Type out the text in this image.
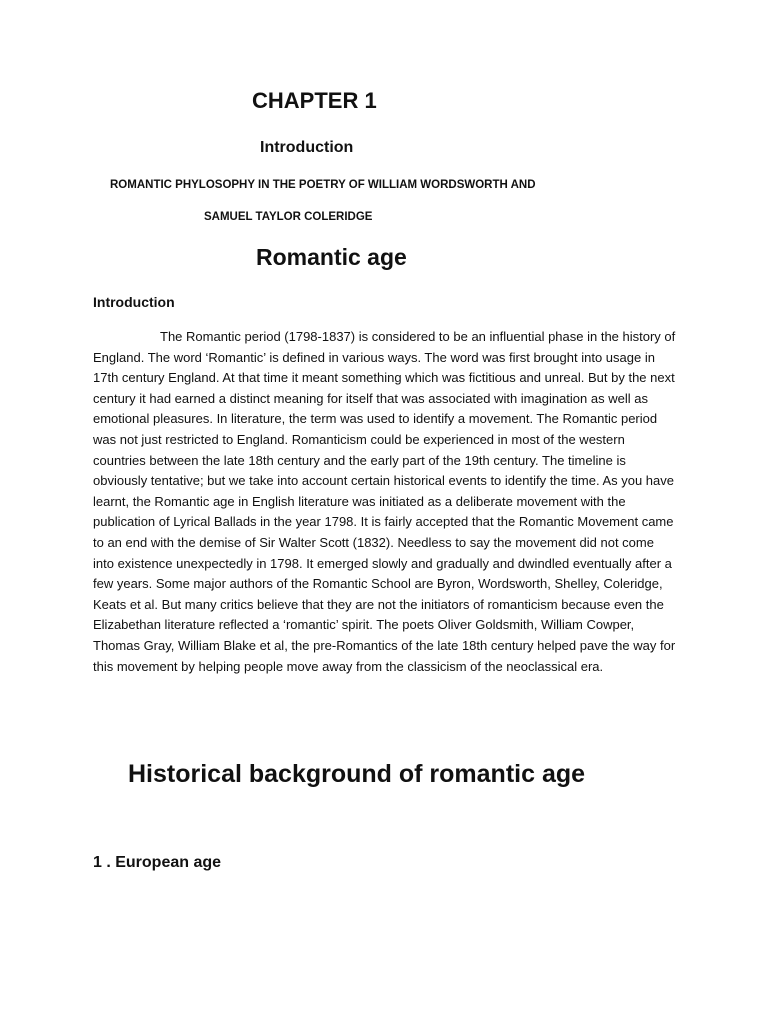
CHAPTER 1
Introduction
ROMANTIC PHYLOSOPHY IN THE POETRY OF WILLIAM WORDSWORTH AND
SAMUEL TAYLOR COLERIDGE
Romantic age
Introduction

The Romantic period (1798-1837) is considered to be an influential phase in the history of England. The word ‘Romantic’ is defined in various ways. The word was first brought into usage in 17th century England. At that time it meant something which was fictitious and unreal. But by the next century it had earned a distinct meaning for itself that was associated with imagination as well as emotional pleasures. In literature, the term was used to identify a movement. The Romantic period was not just restricted to England. Romanticism could be experienced in most of the western countries between the late 18th century and the early part of the 19th century. The timeline is obviously tentative; but we take into account certain historical events to identify the time. As you have learnt, the Romantic age in English literature was initiated as a deliberate movement with the publication of Lyrical Ballads in the year 1798. It is fairly accepted that the Romantic Movement came to an end with the demise of Sir Walter Scott (1832). Needless to say the movement did not come into existence unexpectedly in 1798. It emerged slowly and gradually and dwindled eventually after a few years. Some major authors of the Romantic School are Byron, Wordsworth, Shelley, Coleridge, Keats et al. But many critics believe that they are not the initiators of romanticism because even the Elizabethan literature reflected a ‘romantic’ spirit. The poets Oliver Goldsmith, William Cowper, Thomas Gray, William Blake et al, the pre-Romantics of the late 18th century helped pave the way for this movement by helping people move away from the classicism of the neoclassical era.

Historical background of romantic age
1 . European age
